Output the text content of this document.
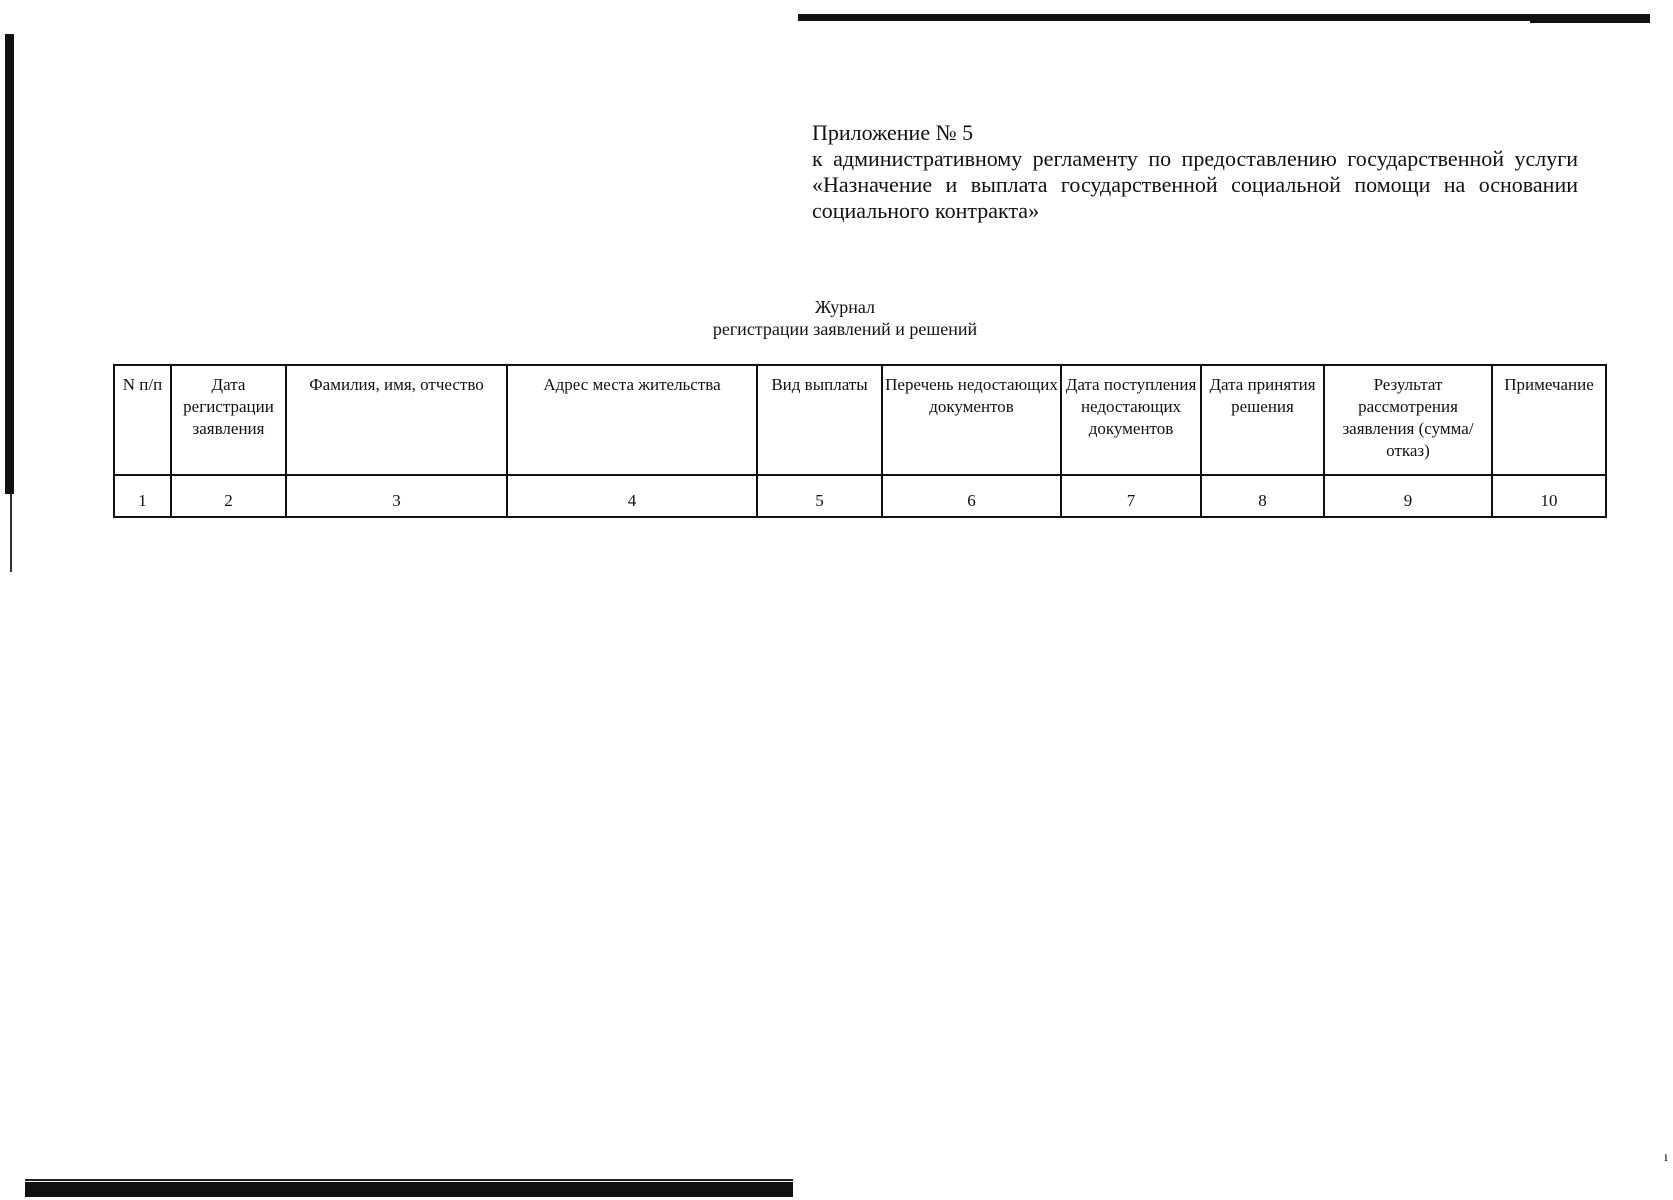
ı
Приложение № 5
к административному регламенту по предоставлению государственной услуги «Назначение и выплата государственной социальной помощи на основании социального контракта»
Журнал
регистрации заявлений и решений
N п/п	Дата регистрации заявления	Фамилия, имя, отчество	Адрес места жительства	Вид выплаты	Перечень недостающих документов	Дата поступления недостающих документов	Дата принятия решения	Результат рассмотрения заявления (сумма/отказ)	Примечание
1	2	3	4	5	6	7	8	9	10
